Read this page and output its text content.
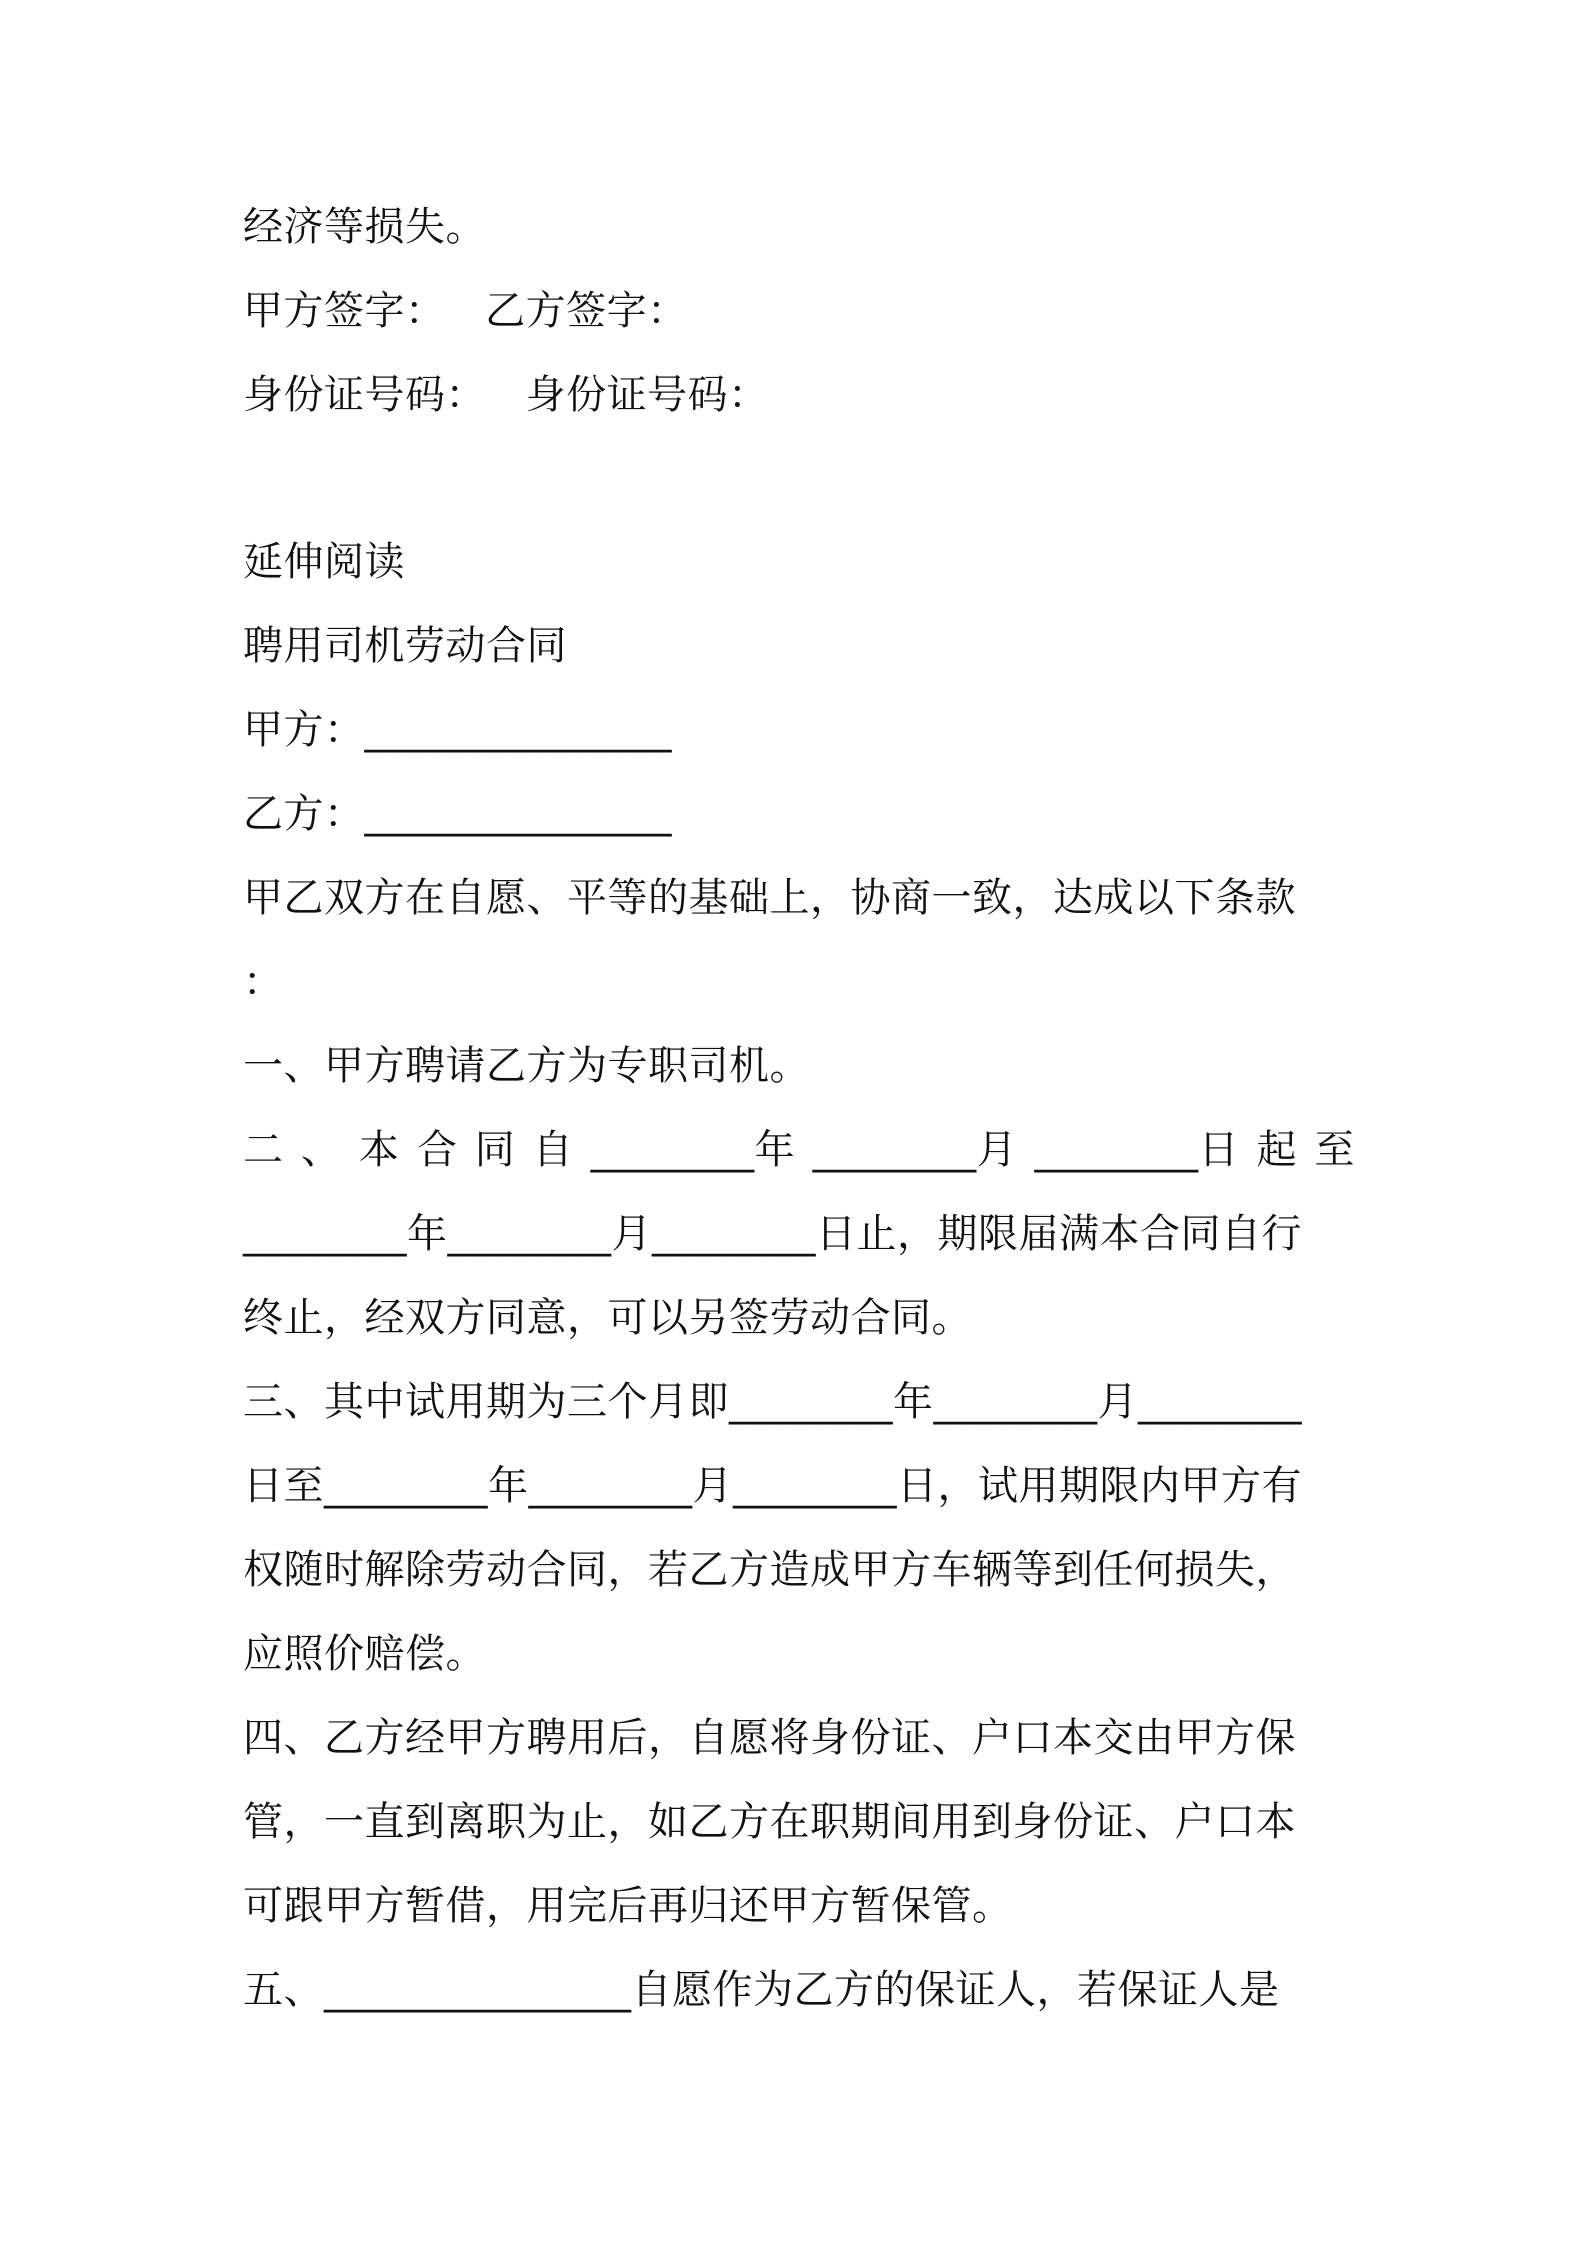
经济等损失。
甲方签字：   乙方签字：
身份证号码：   身份证号码：
延伸阅读
聘用司机劳动合同
甲方：_______________
乙方：_______________
甲乙双方在自愿、平等的基础上，协商一致，达成以下条款
：
一、甲方聘请乙方为专职司机。
二 、 本 合 同 自 ________年 ________月 ________日 起 至
________年________月________日止，期限届满本合同自行
终止，经双方同意，可以另签劳动合同。
三、其中试用期为三个月即________年________月________
日至________年________月________日，试用期限内甲方有
权随时解除劳动合同，若乙方造成甲方车辆等到任何损失，
应照价赔偿。
四、乙方经甲方聘用后，自愿将身份证、户口本交由甲方保
管，一直到离职为止，如乙方在职期间用到身份证、户口本
可跟甲方暂借，用完后再归还甲方暂保管。
五、_______________自愿作为乙方的保证人，若保证人是
